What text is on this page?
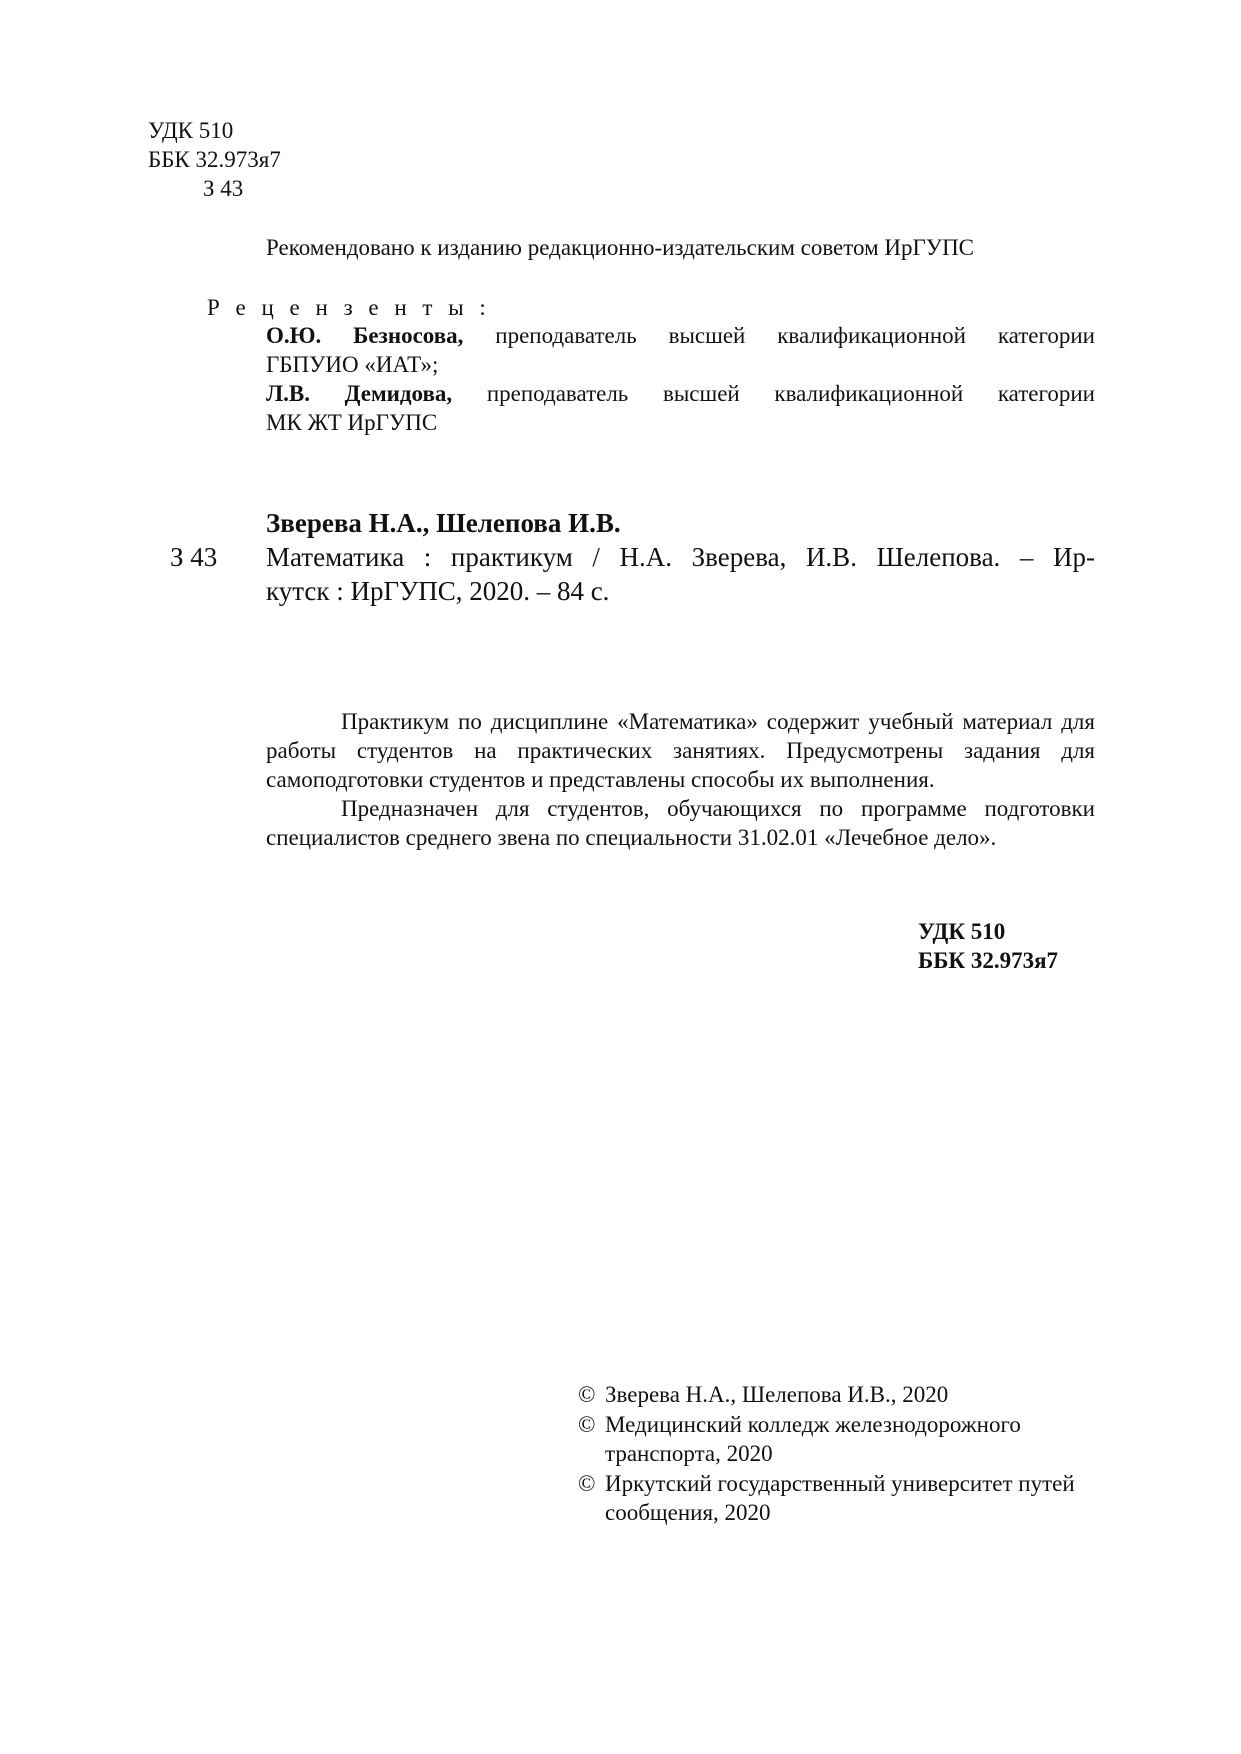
УДК 510
ББК 32.973я7
З 43
Рекомендовано к изданию редакционно-издательским советом ИрГУПС
Р е ц е н з е н т ы :
О.Ю. Безносова, преподаватель высшей квалификационной категории
ГБПУИО «ИАТ»;
Л.В. Демидова, преподаватель высшей квалификационной категории
МК ЖТ ИрГУПС
Зверева Н.А., Шелепова И.В.
З 43 Математика : практикум / Н.А. Зверева, И.В. Шелепова. – Ир-
кутск : ИрГУПС, 2020. – 84 с.

Практикум по дисциплине «Математика» содержит учебный материал для работы студентов на практических занятиях. Предусмотрены задания для самоподготовки студентов и представлены способы их выполнения.

Предназначен для студентов, обучающихся по программе подготовки специалистов среднего звена по специальности 31.02.01 «Лечебное дело».

УДК 510
ББК 32.973я7
© Зверева Н.А., Шелепова И.В., 2020
© Медицинский колледж железнодорожного транспорта, 2020
© Иркутский государственный университет путей сообщения, 2020
